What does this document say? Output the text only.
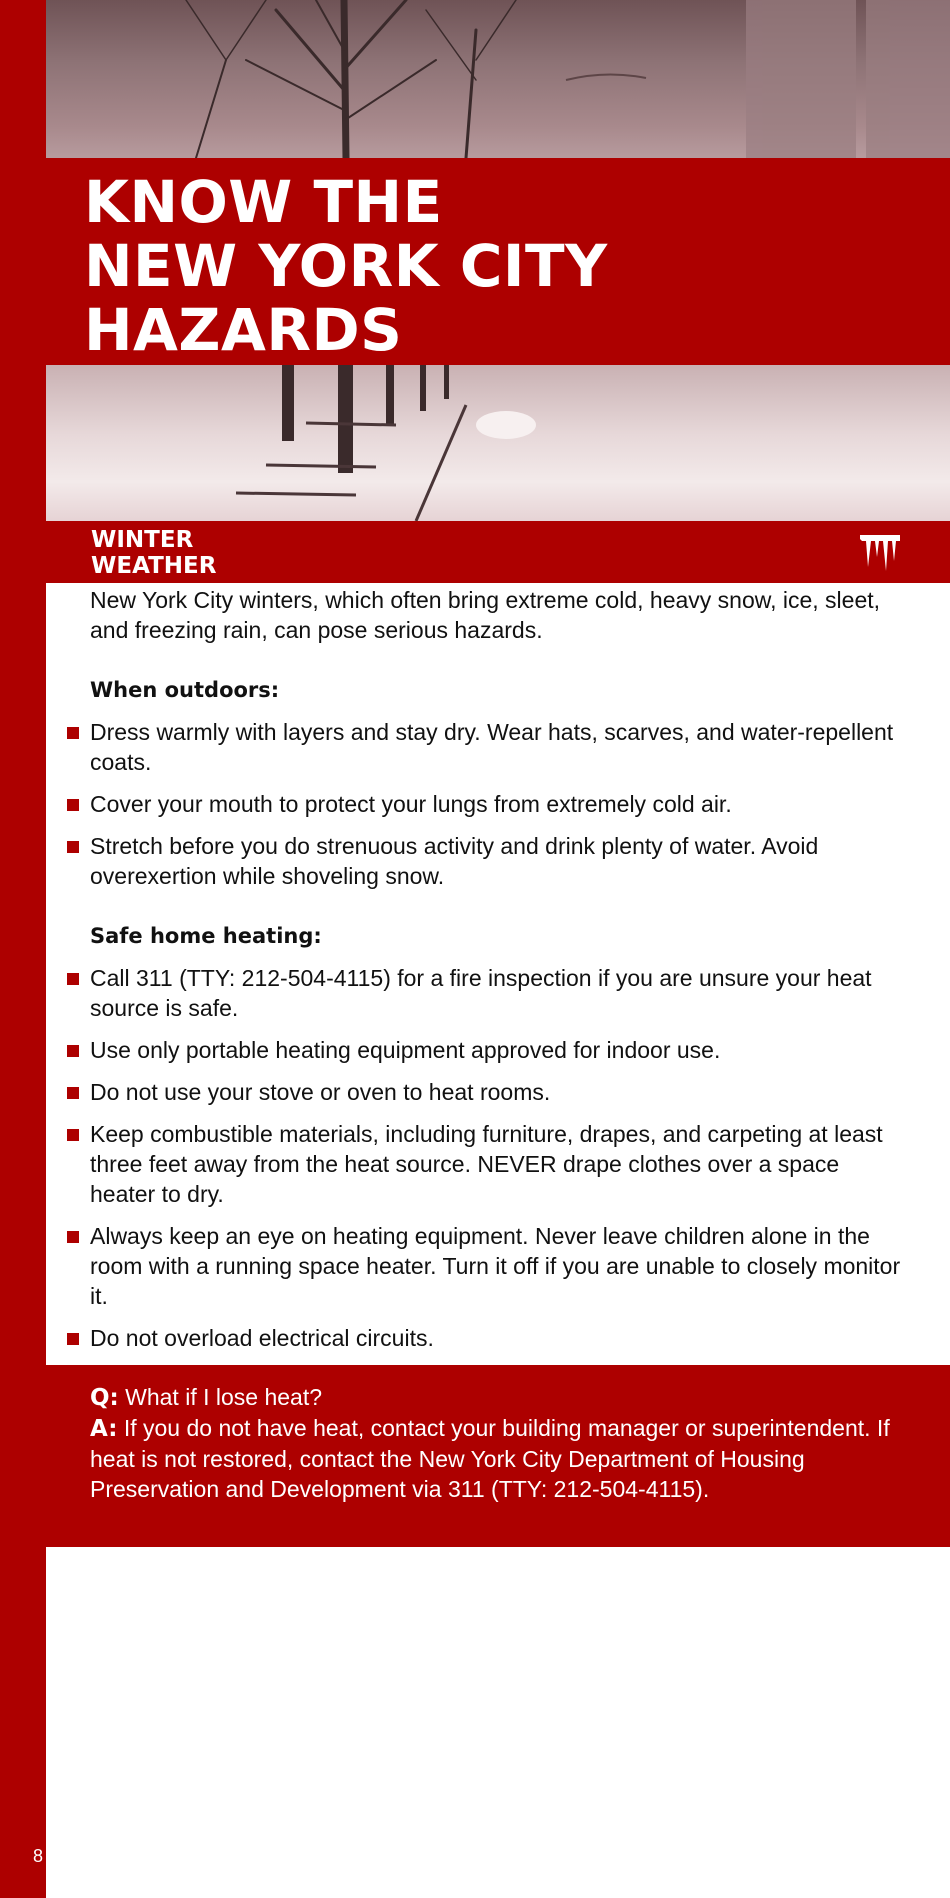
8
KNOW THE
NEW YORK CITY
HAZARDS
WINTER
WEATHER

New York City winters, which often bring extreme cold, heavy snow, ice, sleet, and freezing rain, can pose serious hazards.

When outdoors:

Dress warmly with layers and stay dry. Wear hats, scarves, and water-repellent coats.
Cover your mouth to protect your lungs from extremely cold air.
Stretch before you do strenuous activity and drink plenty of water. Avoid overexertion while shoveling snow.

Safe home heating:

Call 311 (TTY: 212-504-4115) for a fire inspection if you are unsure your heat source is safe.
Use only portable heating equipment approved for indoor use.
Do not use your stove or oven to heat rooms.
Keep combustible materials, including furniture, drapes, and carpeting at least three feet away from the heat source. NEVER drape clothes over a space heater to dry.
Always keep an eye on heating equipment. Never leave children alone in the room with a running space heater. Turn it off if you are unable to closely monitor it.
Do not overload electrical circuits.
Q: What if I lose heat?
A: If you do not have heat, contact your building manager or superintendent. If heat is not restored, contact the New York City Department of Housing Preservation and Development via 311 (TTY: 212-504-4115).
